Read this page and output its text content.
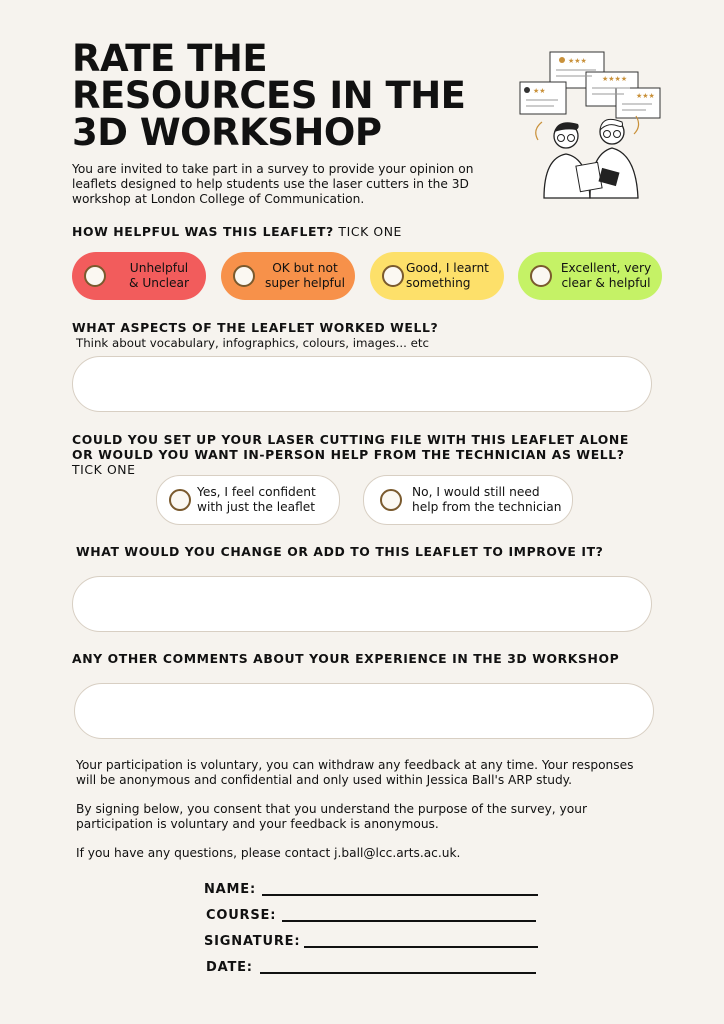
RATE THE
RESOURCES IN THE
3D WORKSHOP
★★★
★★
★★★★
★★★

You are invited to take part in a survey to provide your opinion on leaflets designed to help students use the laser cutters in the 3D workshop at London College of Communication.

HOW HELPFUL WAS THIS LEAFLET? TICK ONE
Unhelpful
& Unclear
OK but not
super helpful
Good, I learnt
something
Excellent, very
clear & helpful
WHAT ASPECTS OF THE LEAFLET WORKED WELL?
Think about vocabulary, infographics, colours, images... etc
COULD YOU SET UP YOUR LASER CUTTING FILE WITH THIS LEAFLET ALONE
OR WOULD YOU WANT IN-PERSON HELP FROM THE TECHNICIAN AS WELL?
TICK ONE
Yes, I feel confident
with just the leaflet
No, I would still need
help from the technician
WHAT WOULD YOU CHANGE OR ADD TO THIS LEAFLET TO IMPROVE IT?
ANY OTHER COMMENTS ABOUT YOUR EXPERIENCE IN THE 3D WORKSHOP

Your participation is voluntary, you can withdraw any feedback at any time. Your responses will be anonymous and confidential and only used within Jessica Ball's ARP study.

By signing below, you consent that you understand the purpose of the survey, your participation is voluntary and your feedback is anonymous.

If you have any questions, please contact j.ball@lcc.arts.ac.uk.

NAME:
COURSE:
SIGNATURE:
DATE:
